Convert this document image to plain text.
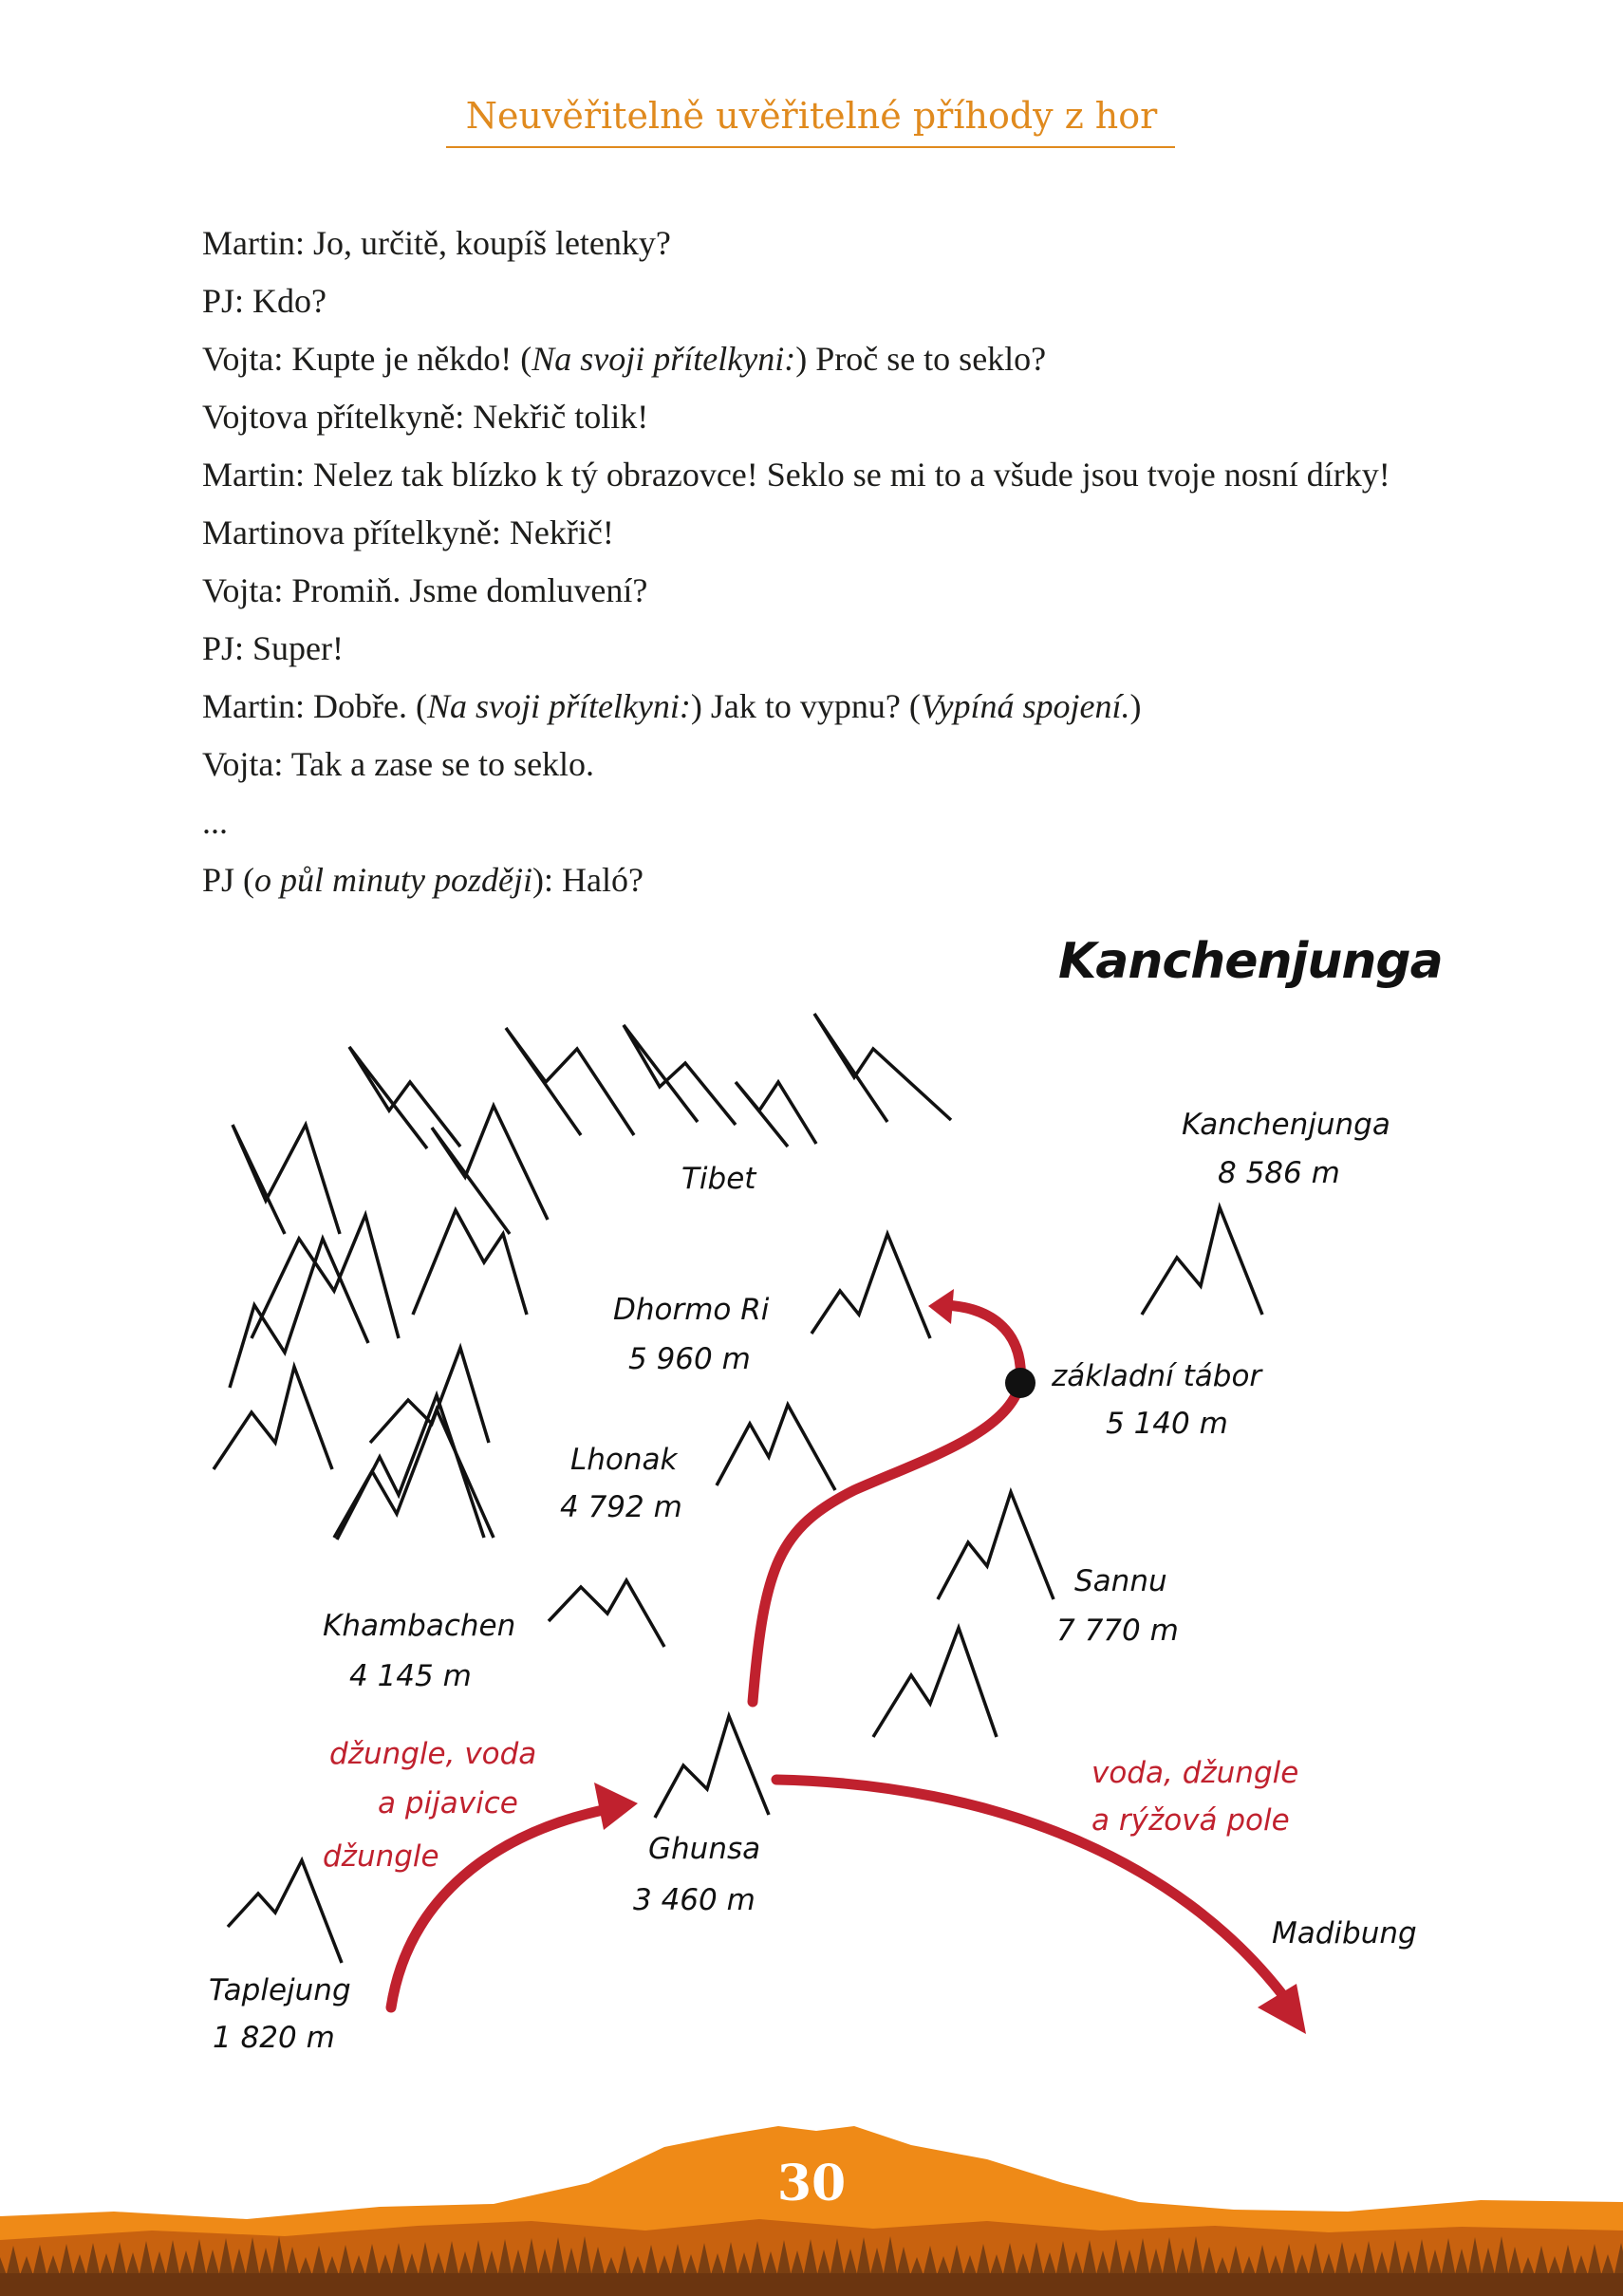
Neuvěřitelně uvěřitelné příhody z hor
Martin: Jo, určitě, koupíš letenky?
PJ: Kdo?
Vojta: Kupte je někdo! (Na svoji přítelkyni:) Proč se to seklo?
Vojtova přítelkyně: Nekřič tolik!
Martin: Nelez tak blízko k tý obrazovce! Seklo se mi to a všude jsou tvoje nosní dírky!
Martinova přítelkyně: Nekřič!
Vojta: Promiň. Jsme domluvení?
PJ: Super!
Martin: Dobře. (Na svoji přítelkyni:) Jak to vypnu? (Vypíná spojení.)
Vojta: Tak a zase se to seklo.
...
PJ (o půl minuty později): Haló?
Kanchenjunga
Tibet
Kanchenjunga
8 586 m
Dhormo Ri
5 960 m	základní tábor
5 140 m
Lhonak
4 792 m
Sannu
7 770 m
Khambachen
4 145 m
Ghunsa
3 460 m
Taplejung
1 820 m
Madibung
džungle, voda
a pijavice
džungle
voda, džungle
a rýžová pole
30
